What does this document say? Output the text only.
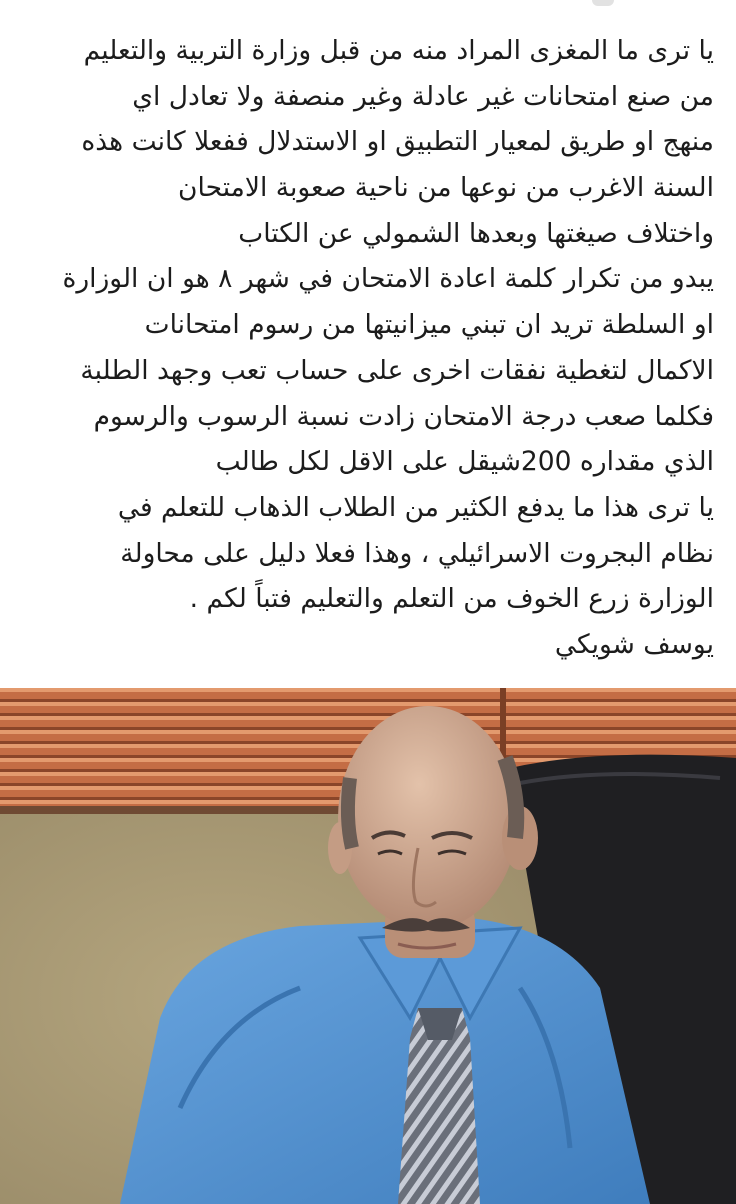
يا ترى ما المغزى المراد منه من قبل وزارة التربية والتعليم
من صنع امتحانات غير عادلة وغير منصفة ولا تعادل اي
منهج او طريق لمعيار التطبيق او الاستدلال ففعلا كانت هذه
السنة الاغرب من نوعها من ناحية صعوبة الامتحان
واختلاف صيغتها وبعدها الشمولي عن الكتاب
يبدو من تكرار كلمة اعادة الامتحان في شهر ٨ هو ان الوزارة
او السلطة تريد ان تبني ميزانيتها من رسوم امتحانات
الاكمال لتغطية نفقات اخرى على حساب تعب وجهد الطلبة
فكلما صعب درجة الامتحان زادت نسبة الرسوب والرسوم
الذي مقداره 200شيقل على الاقل لكل طالب
يا ترى هذا ما يدفع الكثير من الطلاب الذهاب للتعلم في
نظام البجروت الاسرائيلي ، وهذا فعلا دليل على محاولة
الوزارة زرع الخوف من التعلم والتعليم فتباً لكم .
يوسف شويكي
